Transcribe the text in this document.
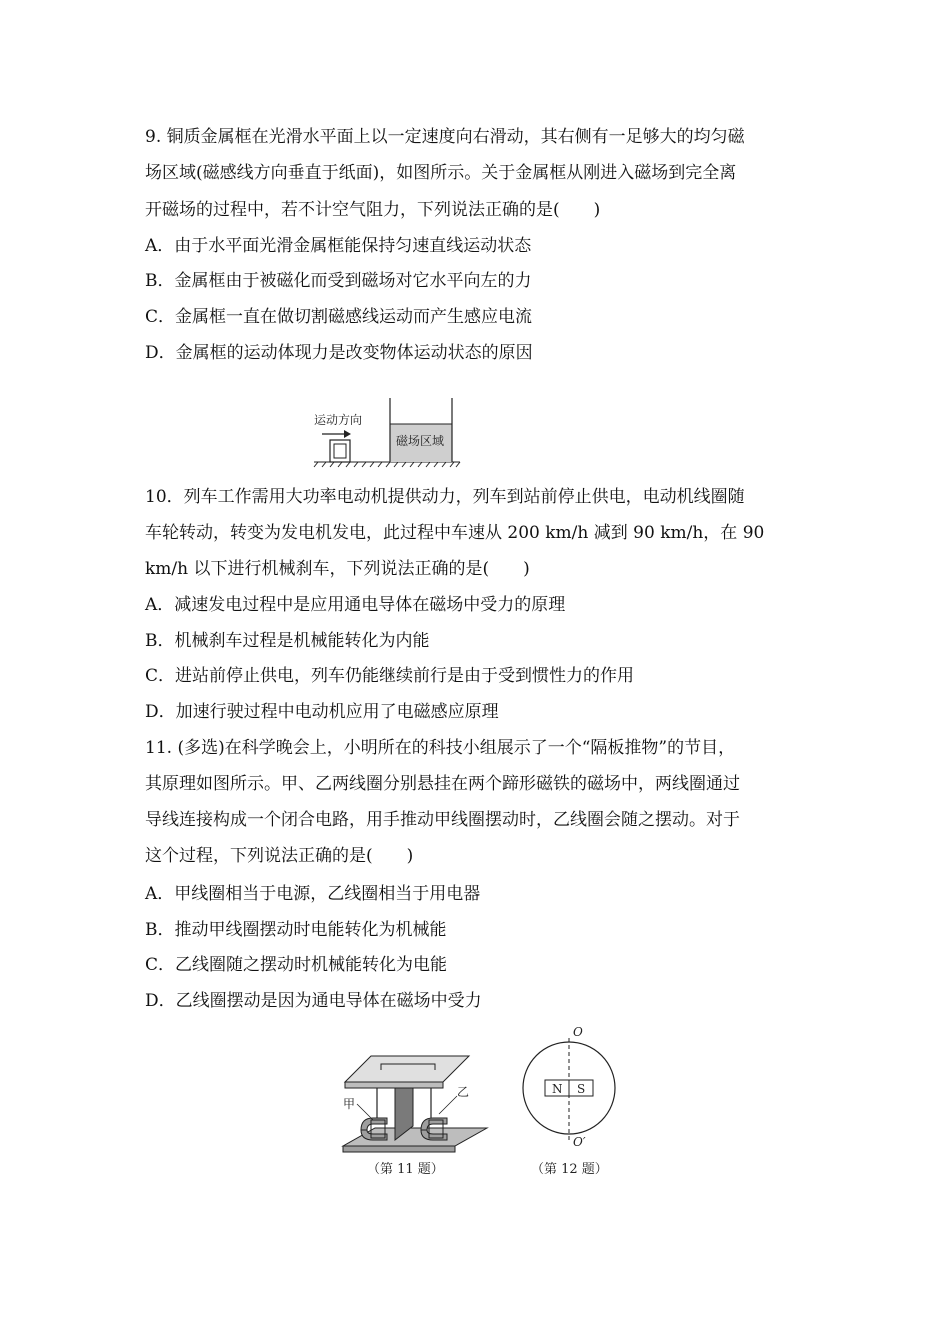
9. 铜质金属框在光滑水平面上以一定速度向右滑动，其右侧有一足够大的均匀磁
场区域(磁感线方向垂直于纸面)，如图所示。关于金属框从刚进入磁场到完全离
开磁场的过程中，若不计空气阻力，下列说法正确的是(　　)
A．由于水平面光滑金属框能保持匀速直线运动状态
B．金属框由于被磁化而受到磁场对它水平向左的力
C．金属框一直在做切割磁感线运动而产生感应电流
D．金属框的运动体现力是改变物体运动状态的原因
运动方向
磁场区域
10．列车工作需用大功率电动机提供动力，列车到站前停止供电，电动机线圈随
车轮转动，转变为发电机发电，此过程中车速从 200 km/h 减到 90 km/h，在 90
km/h 以下进行机械刹车，下列说法正确的是(　　)
A．减速发电过程中是应用通电导体在磁场中受力的原理
B．机械刹车过程是机械能转化为内能
C．进站前停止供电，列车仍能继续前行是由于受到惯性力的作用
D．加速行驶过程中电动机应用了电磁感应原理
11. (多选)在科学晚会上，小明所在的科技小组展示了一个“隔板推物”的节目，
其原理如图所示。甲、乙两线圈分别悬挂在两个蹄形磁铁的磁场中，两线圈通过
导线连接构成一个闭合电路，用手推动甲线圈摆动时，乙线圈会随之摆动。对于
这个过程，下列说法正确的是(　　)
A．甲线圈相当于电源，乙线圈相当于用电器
B．推动甲线圈摆动时电能转化为机械能
C．乙线圈随之摆动时机械能转化为电能
D．乙线圈摆动是因为通电导体在磁场中受力
甲
乙
（第 11 题）
O
N S
O′
（第 12 题）
